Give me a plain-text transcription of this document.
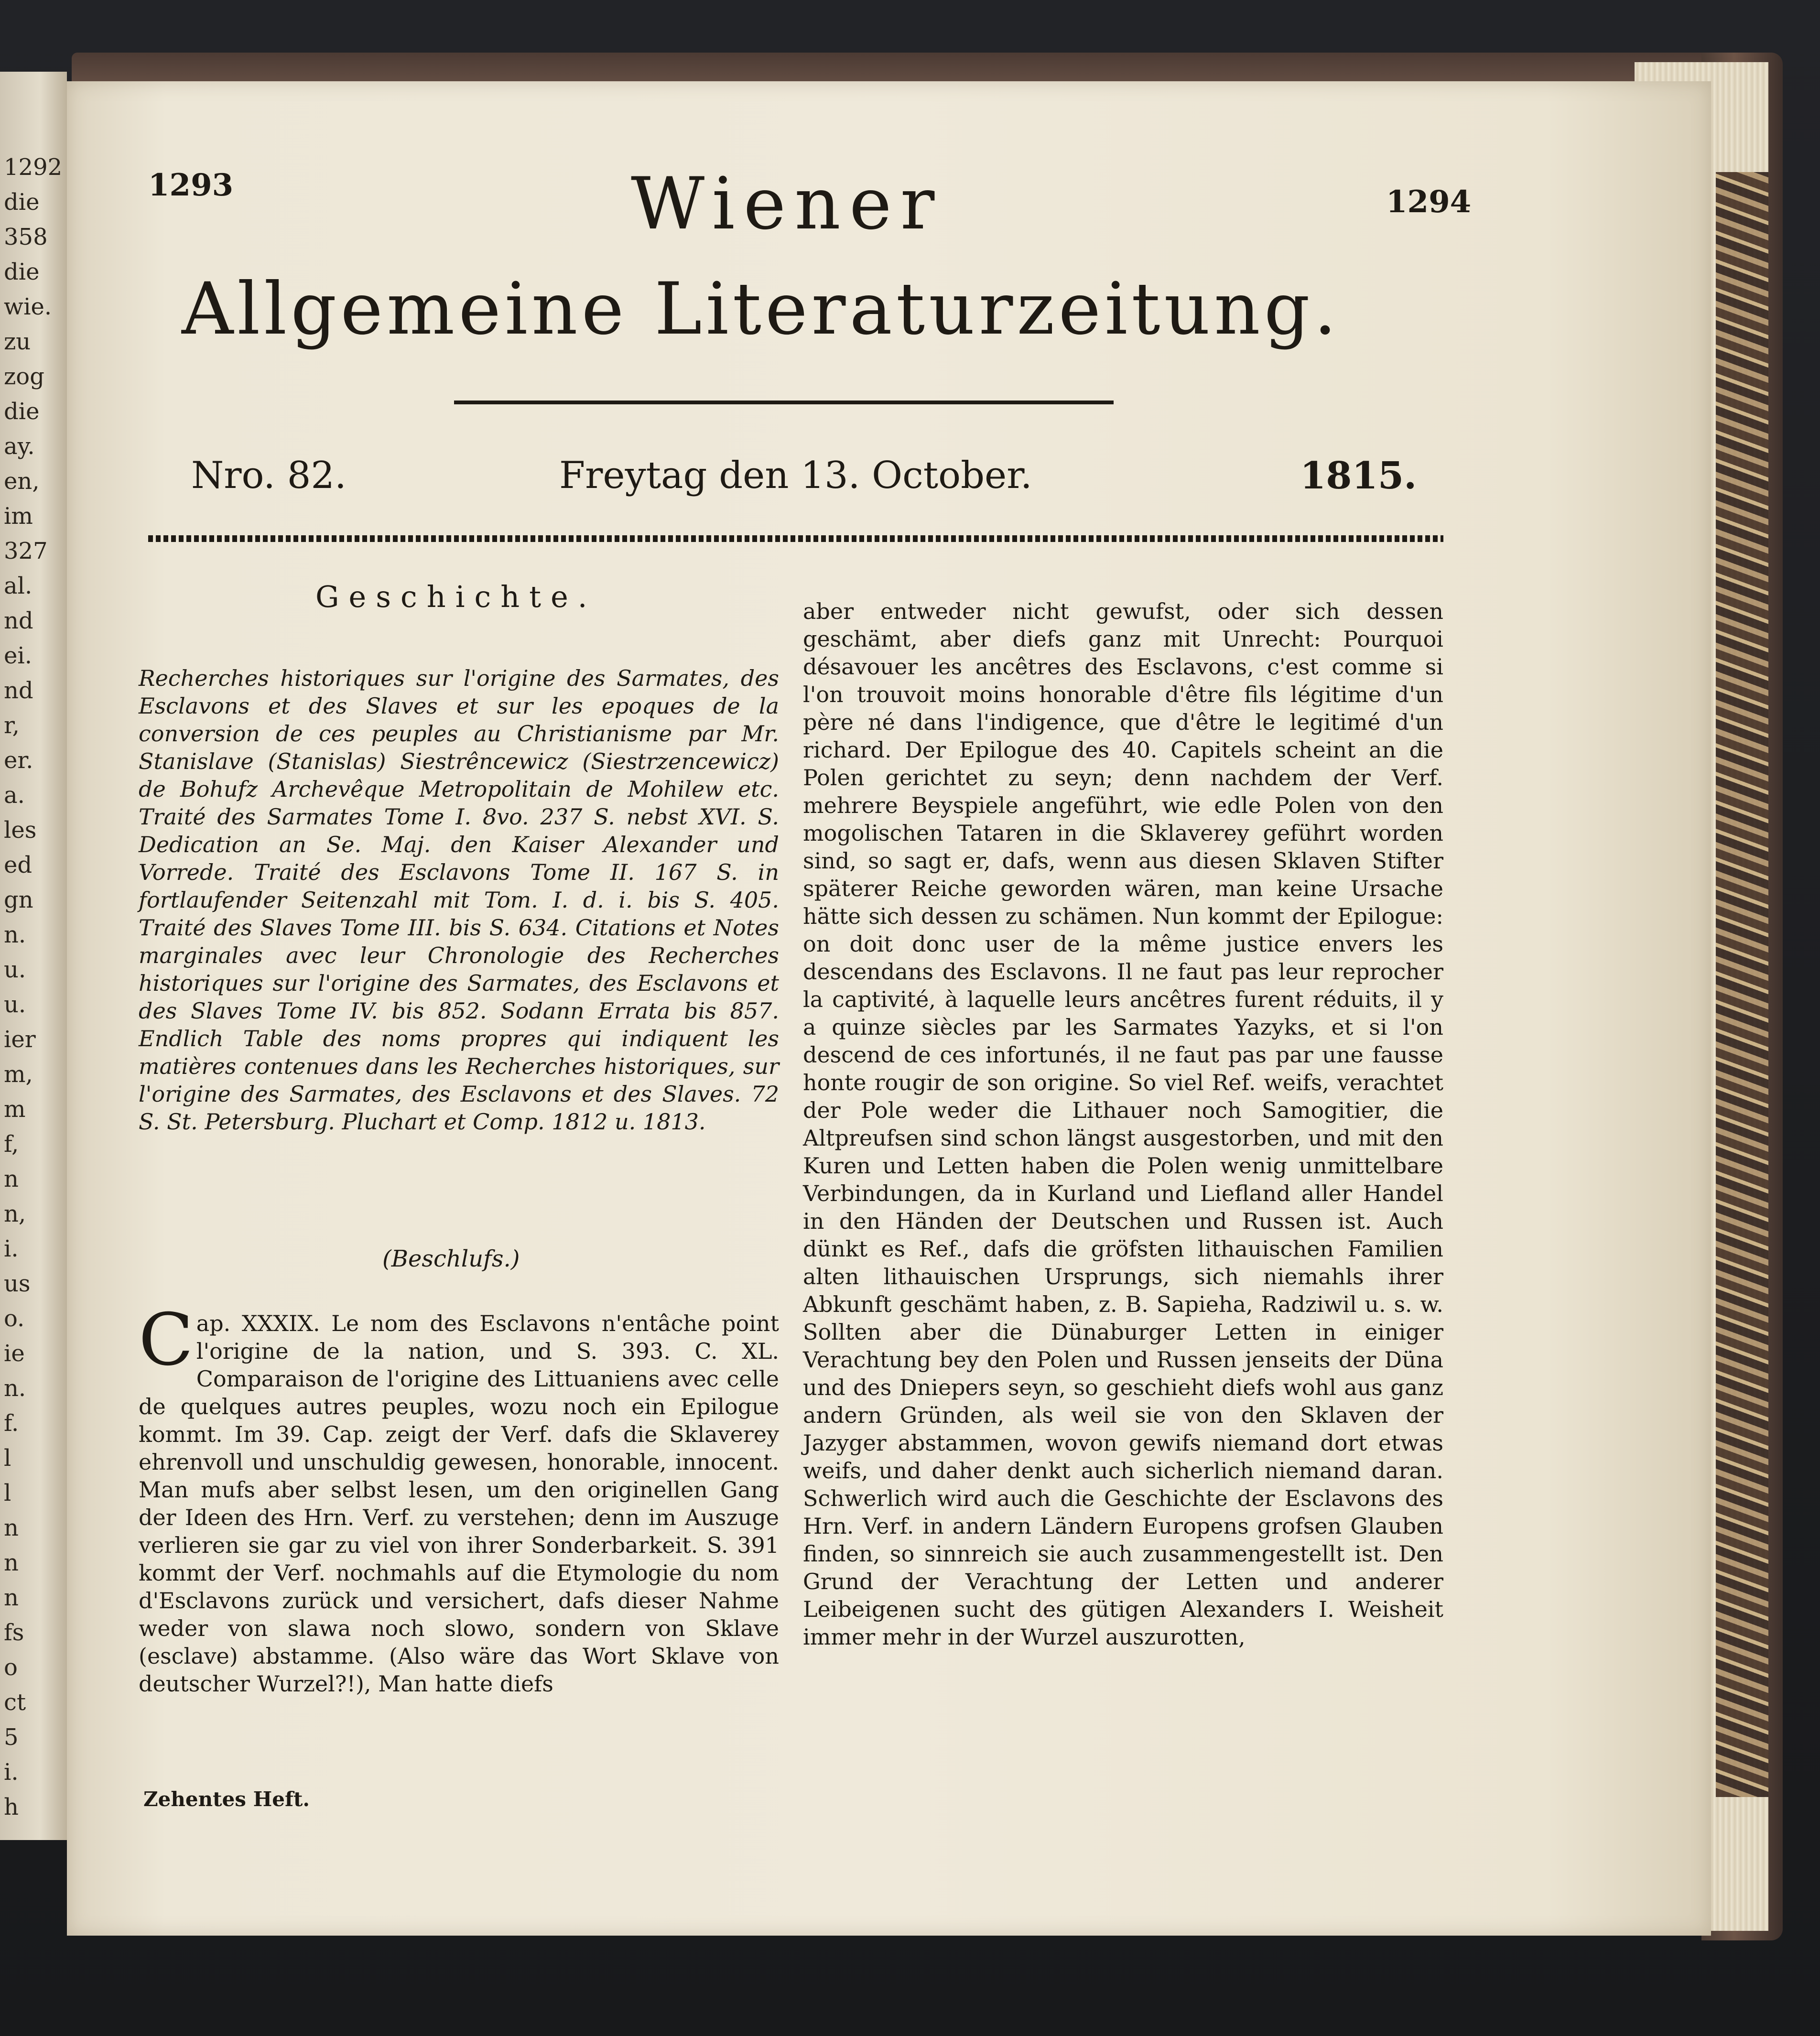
1292
die
358
die
wie.
zu
zog
die
ay.
en,
im
327
al.
nd
ei.
nd
r,
er.
a.
les
ed
gn
n.
u.
u.
ier
m,
m
f,
n
n,
i.
us
o.
ie
n.
f.
l
l
n
n
n
fs
o
ct
5
i.
h
1293	1294
Wiener
Allgemeine Literaturzeitung.
Nro. 82.	Freytag den 13. October.	1815.
Geschichte.
Recherches historiques sur l'origine des Sarmates, des Esclavons et des Slaves et sur les epoques de la conversion de ces peuples au Christianisme par Mr. Stanislave (Stanislas) Siestrêncewicz (Siestrzencewicz) de Bohufz Archevêque Metropolitain de Mohilew etc. Traité des Sarmates Tome I. 8vo. 237 S. nebst XVI. S. Dedication an Se. Maj. den Kaiser Alexander und Vorrede. Traité des Esclavons Tome II. 167 S. in fortlaufender Seitenzahl mit Tom. I. d. i. bis S. 405. Traité des Slaves Tome III. bis S. 634. Citations et Notes marginales avec leur Chronologie des Recherches historiques sur l'origine des Sarmates, des Esclavons et des Slaves Tome IV. bis 852. Sodann Errata bis 857. Endlich Table des noms propres qui indiquent les matières contenues dans les Recherches historiques, sur l'origine des Sarmates, des Esclavons et des Slaves. 72 S. St. Petersburg. Pluchart et Comp. 1812 u. 1813.
(Beschlufs.)
C ap. XXXIX. Le nom des Esclavons n'entâche point l'origine de la nation, und S. 393. C. XL. Comparaison de l'origine des Littuaniens avec celle de quelques autres peuples, wozu noch ein Epilogue kommt. Im 39. Cap. zeigt der Verf. dafs die Sklaverey ehrenvoll und unschuldig gewesen, honorable, innocent. Man mufs aber selbst lesen, um den originellen Gang der Ideen des Hrn. Verf. zu verstehen; denn im Auszuge verlieren sie gar zu viel von ihrer Sonderbarkeit. S. 391 kommt der Verf. nochmahls auf die Etymologie du nom d'Esclavons zurück und versichert, dafs dieser Nahme weder von slawa noch slowo, sondern von Sklave (esclave) abstamme. (Also wäre das Wort Sklave von deutscher Wurzel?!), Man hatte diefs
aber entweder nicht gewufst, oder sich dessen geschämt, aber diefs ganz mit Unrecht: Pourquoi désavouer les ancêtres des Esclavons, c'est comme si l'on trouvoit moins honorable d'être fils légitime d'un père né dans l'indigence, que d'être le legitimé d'un richard. Der Epilogue des 40. Capitels scheint an die Polen gerichtet zu seyn; denn nachdem der Verf. mehrere Beyspiele angeführt, wie edle Polen von den mogolischen Tataren in die Sklaverey geführt worden sind, so sagt er, dafs, wenn aus diesen Sklaven Stifter späterer Reiche geworden wären, man keine Ursache hätte sich dessen zu schämen. Nun kommt der Epilogue: on doit donc user de la même justice envers les descendans des Esclavons. Il ne faut pas leur reprocher la captivité, à laquelle leurs ancêtres furent réduits, il y a quinze siècles par les Sarmates Yazyks, et si l'on descend de ces infortunés, il ne faut pas par une fausse honte rougir de son origine. So viel Ref. weifs, verachtet der Pole weder die Lithauer noch Samogitier, die Altpreufsen sind schon längst ausgestorben, und mit den Kuren und Letten haben die Polen wenig unmittelbare Verbindungen, da in Kurland und Liefland aller Handel in den Händen der Deutschen und Russen ist. Auch dünkt es Ref., dafs die gröfsten lithauischen Familien alten lithauischen Ursprungs, sich niemahls ihrer Abkunft geschämt haben, z. B. Sapieha, Radziwil u. s. w. Sollten aber die Dünaburger Letten in einiger Verachtung bey den Polen und Russen jenseits der Düna und des Dniepers seyn, so geschieht diefs wohl aus ganz andern Gründen, als weil sie von den Sklaven der Jazyger abstammen, wovon gewifs niemand dort etwas weifs, und daher denkt auch sicherlich niemand daran. Schwerlich wird auch die Geschichte der Esclavons des Hrn. Verf. in andern Ländern Europens grofsen Glauben finden, so sinnreich sie auch zusammengestellt ist. Den Grund der Verachtung der Letten und anderer Leibeigenen sucht des gütigen Alexanders I. Weisheit immer mehr in der Wurzel auszurotten,
Zehentes Heft.
